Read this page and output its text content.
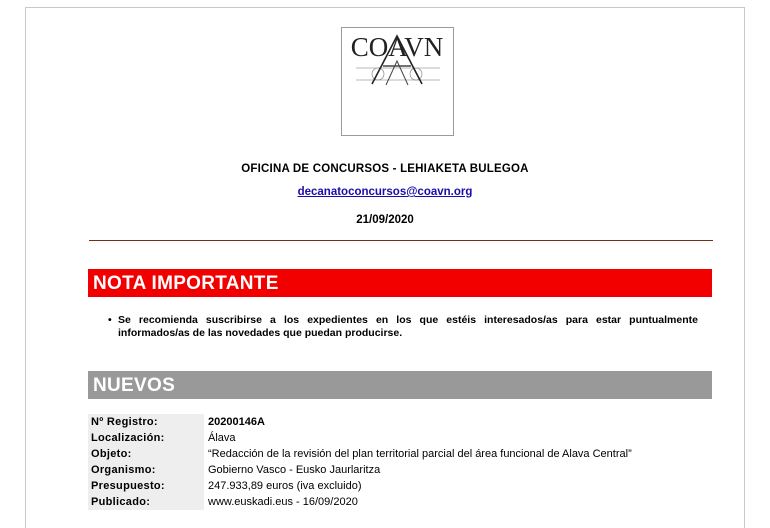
COAVN
OFICINA DE CONCURSOS - LEHIAKETA BULEGOA
decanatoconcursos@coavn.org
21/09/2020
NOTA IMPORTANTE
• Se recomienda suscribirse a los expedientes en los que estéis interesados/as para estar puntualmente informados/as de las novedades que puedan producirse.
NUEVOS
Nº Registro:	20200146A
Localización:	Álava
Objeto:	“Redacción de la revisión del plan territorial parcial del área funcional de Alava Central”
Organismo:	Gobierno Vasco - Eusko Jaurlaritza
Presupuesto:	247.933,89 euros (iva excluido)
Publicado:	www.euskadi.eus - 16/09/2020
